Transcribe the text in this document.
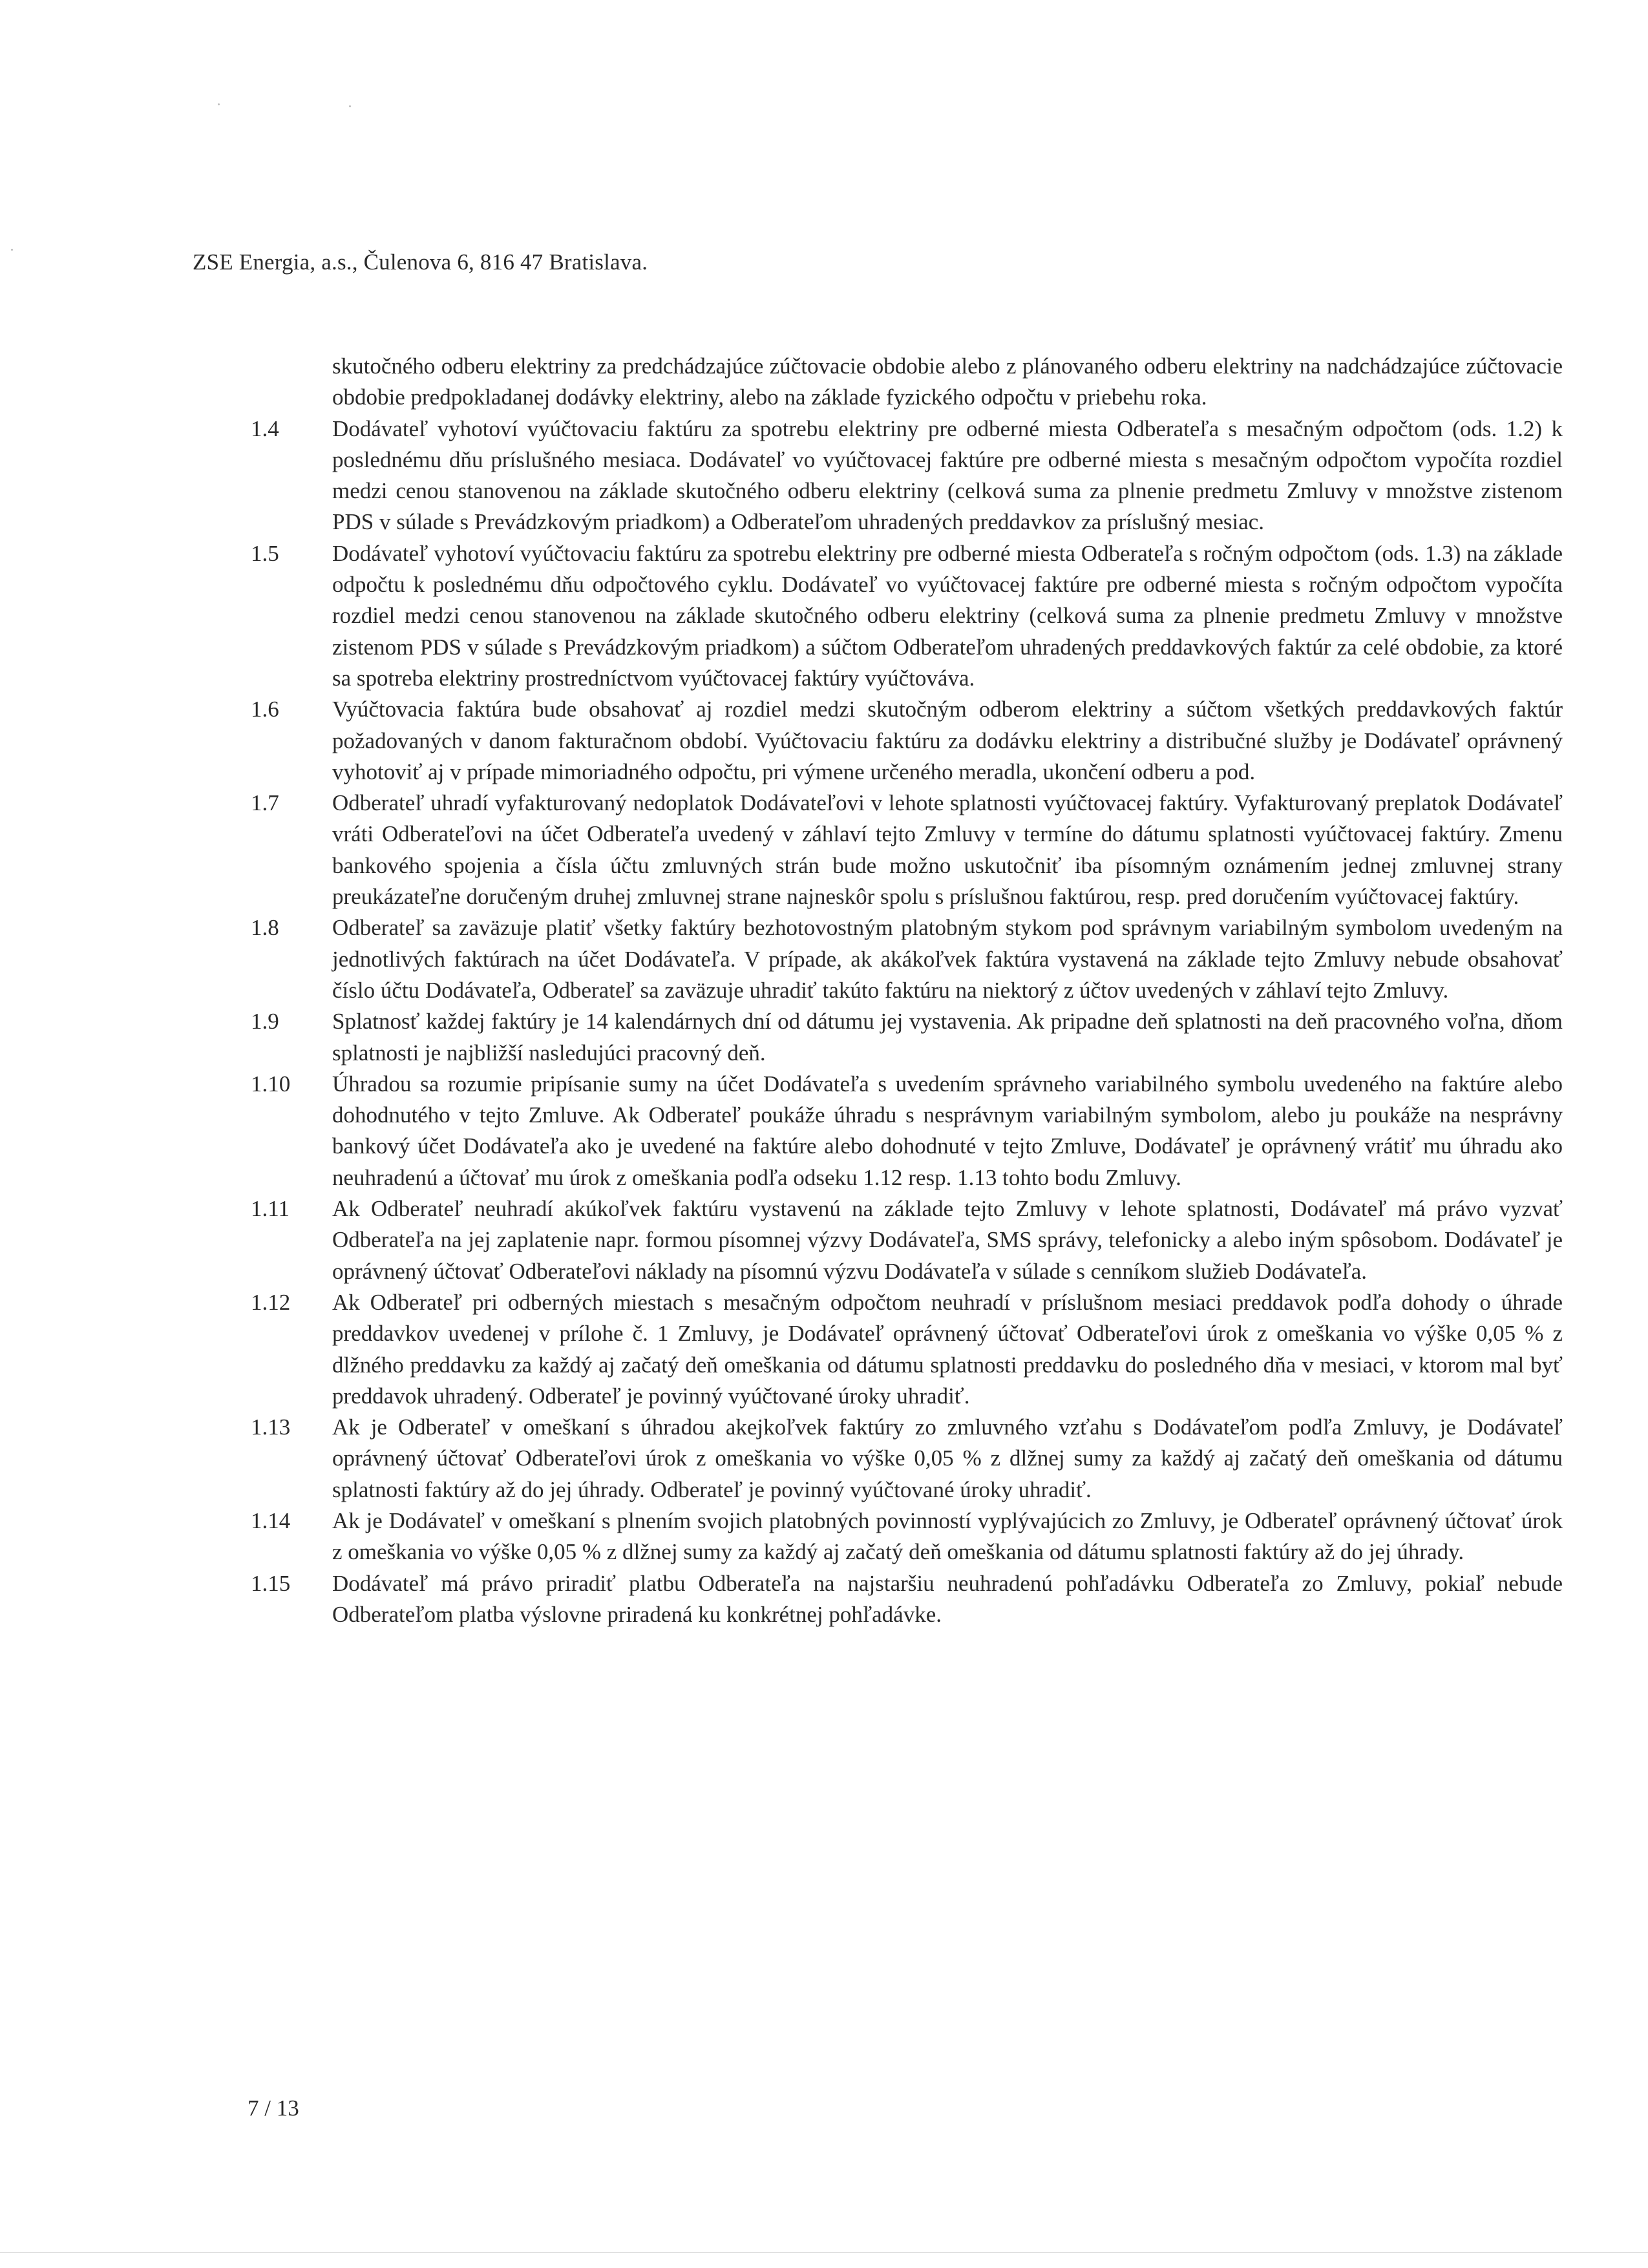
ZSE Energia, a.s., Čulenova 6, 816 47 Bratislava.

skutočného odberu elektriny za predchádzajúce zúčtovacie obdobie alebo z plánovaného odberu elektriny na nadchádzajúce zúčtovacie obdobie predpokladanej dodávky elektriny, alebo na základe fyzického odpočtu v priebehu roka.

1.4	Dodávateľ vyhotoví vyúčtovaciu faktúru za spotrebu elektriny pre odberné miesta Odberateľa s mesačným odpočtom (ods. 1.2) k poslednému dňu príslušného mesiaca. Dodávateľ vo vyúčtovacej faktúre pre odberné miesta s mesačným odpočtom vypočíta rozdiel medzi cenou stanovenou na základe skutočného odberu elektriny (celková suma za plnenie predmetu Zmluvy v množstve zistenom PDS v súlade s Prevádzkovým priadkom) a Odberateľom uhradených preddavkov za príslušný mesiac.
1.5	Dodávateľ vyhotoví vyúčtovaciu faktúru za spotrebu elektriny pre odberné miesta Odberateľa s ročným odpočtom (ods. 1.3) na základe odpočtu k poslednému dňu odpočtového cyklu. Dodávateľ vo vyúčtovacej faktúre pre odberné miesta s ročným odpočtom vypočíta rozdiel medzi cenou stanovenou na základe skutočného odberu elektriny (celková suma za plnenie predmetu Zmluvy v množstve zistenom PDS v súlade s Prevádzkovým priadkom) a súčtom Odberateľom uhradených preddavkových faktúr za celé obdobie, za ktoré sa spotreba elektriny prostredníctvom vyúčtovacej faktúry vyúčtováva.
1.6	Vyúčtovacia faktúra bude obsahovať aj rozdiel medzi skutočným odberom elektriny a súčtom všetkých preddavkových faktúr požadovaných v danom fakturačnom období. Vyúčtovaciu faktúru za dodávku elektriny a distribučné služby je Dodávateľ oprávnený vyhotoviť aj v prípade mimoriadného odpočtu, pri výmene určeného meradla, ukončení odberu a pod.
1.7	Odberateľ uhradí vyfakturovaný nedoplatok Dodávateľovi v lehote splatnosti vyúčtovacej faktúry. Vyfakturovaný preplatok Dodávateľ vráti Odberateľovi na účet Odberateľa uvedený v záhlaví tejto Zmluvy v termíne do dátumu splatnosti vyúčtovacej faktúry. Zmenu bankového spojenia a čísla účtu zmluvných strán bude možno uskutočniť iba písomným oznámením jednej zmluvnej strany preukázateľne doručeným druhej zmluvnej strane najneskôr spolu s príslušnou faktúrou, resp. pred doručením vyúčtovacej faktúry.
1.8	Odberateľ sa zaväzuje platiť všetky faktúry bezhotovostným platobným stykom pod správnym variabilným symbolom uvedeným na jednotlivých faktúrach na účet Dodávateľa. V prípade, ak akákoľvek faktúra vystavená na základe tejto Zmluvy nebude obsahovať číslo účtu Dodávateľa, Odberateľ sa zaväzuje uhradiť takúto faktúru na niektorý z účtov uvedených v záhlaví tejto Zmluvy.
1.9	Splatnosť každej faktúry je 14 kalendárnych dní od dátumu jej vystavenia. Ak pripadne deň splatnosti na deň pracovného voľna, dňom splatnosti je najbližší nasledujúci pracovný deň.
1.10	Úhradou sa rozumie pripísanie sumy na účet Dodávateľa s uvedením správneho variabilného symbolu uvedeného na faktúre alebo dohodnutého v tejto Zmluve. Ak Odberateľ poukáže úhradu s nesprávnym variabilným symbolom, alebo ju poukáže na nesprávny bankový účet Dodávateľa ako je uvedené na faktúre alebo dohodnuté v tejto Zmluve, Dodávateľ je oprávnený vrátiť mu úhradu ako neuhradenú a účtovať mu úrok z omeškania podľa odseku 1.12 resp. 1.13 tohto bodu Zmluvy.
1.11	Ak Odberateľ neuhradí akúkoľvek faktúru vystavenú na základe tejto Zmluvy v lehote splatnosti, Dodávateľ má právo vyzvať Odberateľa na jej zaplatenie napr. formou písomnej výzvy Dodávateľa, SMS správy, telefonicky a alebo iným spôsobom. Dodávateľ je oprávnený účtovať Odberateľovi náklady na písomnú výzvu Dodávateľa v súlade s cenníkom služieb Dodávateľa.
1.12	Ak Odberateľ pri odberných miestach s mesačným odpočtom neuhradí v príslušnom mesiaci preddavok podľa dohody o úhrade preddavkov uvedenej v prílohe č. 1 Zmluvy, je Dodávateľ oprávnený účtovať Odberateľovi úrok z omeškania vo výške 0,05 % z dlžného preddavku za každý aj začatý deň omeškania od dátumu splatnosti preddavku do posledného dňa v mesiaci, v ktorom mal byť preddavok uhradený. Odberateľ je povinný vyúčtované úroky uhradiť.
1.13	Ak je Odberateľ v omeškaní s úhradou akejkoľvek faktúry zo zmluvného vzťahu s Dodávateľom podľa Zmluvy, je Dodávateľ oprávnený účtovať Odberateľovi úrok z omeškania vo výške 0,05 % z dlžnej sumy za každý aj začatý deň omeškania od dátumu splatnosti faktúry až do jej úhrady. Odberateľ je povinný vyúčtované úroky uhradiť.
1.14	Ak je Dodávateľ v omeškaní s plnením svojich platobných povinností vyplývajúcich zo Zmluvy, je Odberateľ oprávnený účtovať úrok z omeškania vo výške 0,05 % z dlžnej sumy za každý aj začatý deň omeškania od dátumu splatnosti faktúry až do jej úhrady.
1.15	Dodávateľ má právo priradiť platbu Odberateľa na najstaršiu neuhradenú pohľadávku Odberateľa zo Zmluvy, pokiaľ nebude Odberateľom platba výslovne priradená ku konkrétnej pohľadávke.
7 / 13
